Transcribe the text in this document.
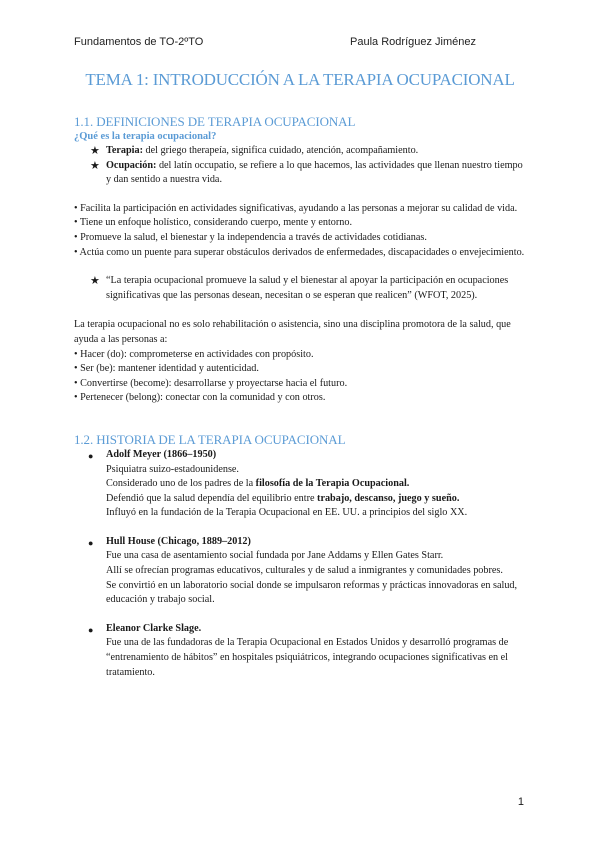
Fundamentos de TO-2ºTO	Paula Rodríguez Jiménez
TEMA 1: INTRODUCCIÓN A LA TERAPIA OCUPACIONAL
1.1. DEFINICIONES DE TERAPIA OCUPACIONAL
¿Qué es la terapia ocupacional?
★ Terapia: del griego therapeía, significa cuidado, atención, acompañamiento.
★ Ocupación: del latín occupatio, se refiere a lo que hacemos, las actividades que llenan nuestro tiempo y dan sentido a nuestra vida.

• Facilita la participación en actividades significativas, ayudando a las personas a mejorar su calidad de vida.

• Tiene un enfoque holístico, considerando cuerpo, mente y entorno.

• Promueve la salud, el bienestar y la independencia a través de actividades cotidianas.

• Actúa como un puente para superar obstáculos derivados de enfermedades, discapacidades o envejecimiento.

★ “La terapia ocupacional promueve la salud y el bienestar al apoyar la participación en ocupaciones significativas que las personas desean, necesitan o se esperan que realicen” (WFOT, 2025).

La terapia ocupacional no es solo rehabilitación o asistencia, sino una disciplina promotora de la salud, que ayuda a las personas a:

• Hacer (do): comprometerse en actividades con propósito.

• Ser (be): mantener identidad y autenticidad.

• Convertirse (become): desarrollarse y proyectarse hacia el futuro.

• Pertenecer (belong): conectar con la comunidad y con otros.

1.2. HISTORIA DE LA TERAPIA OCUPACIONAL
●	Adolf Meyer (1866–1950)

Psiquiatra suizo-estadounidense.

Considerado uno de los padres de la filosofía de la Terapia Ocupacional.

Defendió que la salud dependía del equilibrio entre trabajo, descanso, juego y sueño.

Influyó en la fundación de la Terapia Ocupacional en EE. UU. a principios del siglo XX.

●	Hull House (Chicago, 1889–2012)

Fue una casa de asentamiento social fundada por Jane Addams y Ellen Gates Starr.

Allí se ofrecían programas educativos, culturales y de salud a inmigrantes y comunidades pobres.

Se convirtió en un laboratorio social donde se impulsaron reformas y prácticas innovadoras en salud, educación y trabajo social.

●	Eleanor Clarke Slage.

Fue una de las fundadoras de la Terapia Ocupacional en Estados Unidos y desarrolló programas de “entrenamiento de hábitos” en hospitales psiquiátricos, integrando ocupaciones significativas en el tratamiento.

1
